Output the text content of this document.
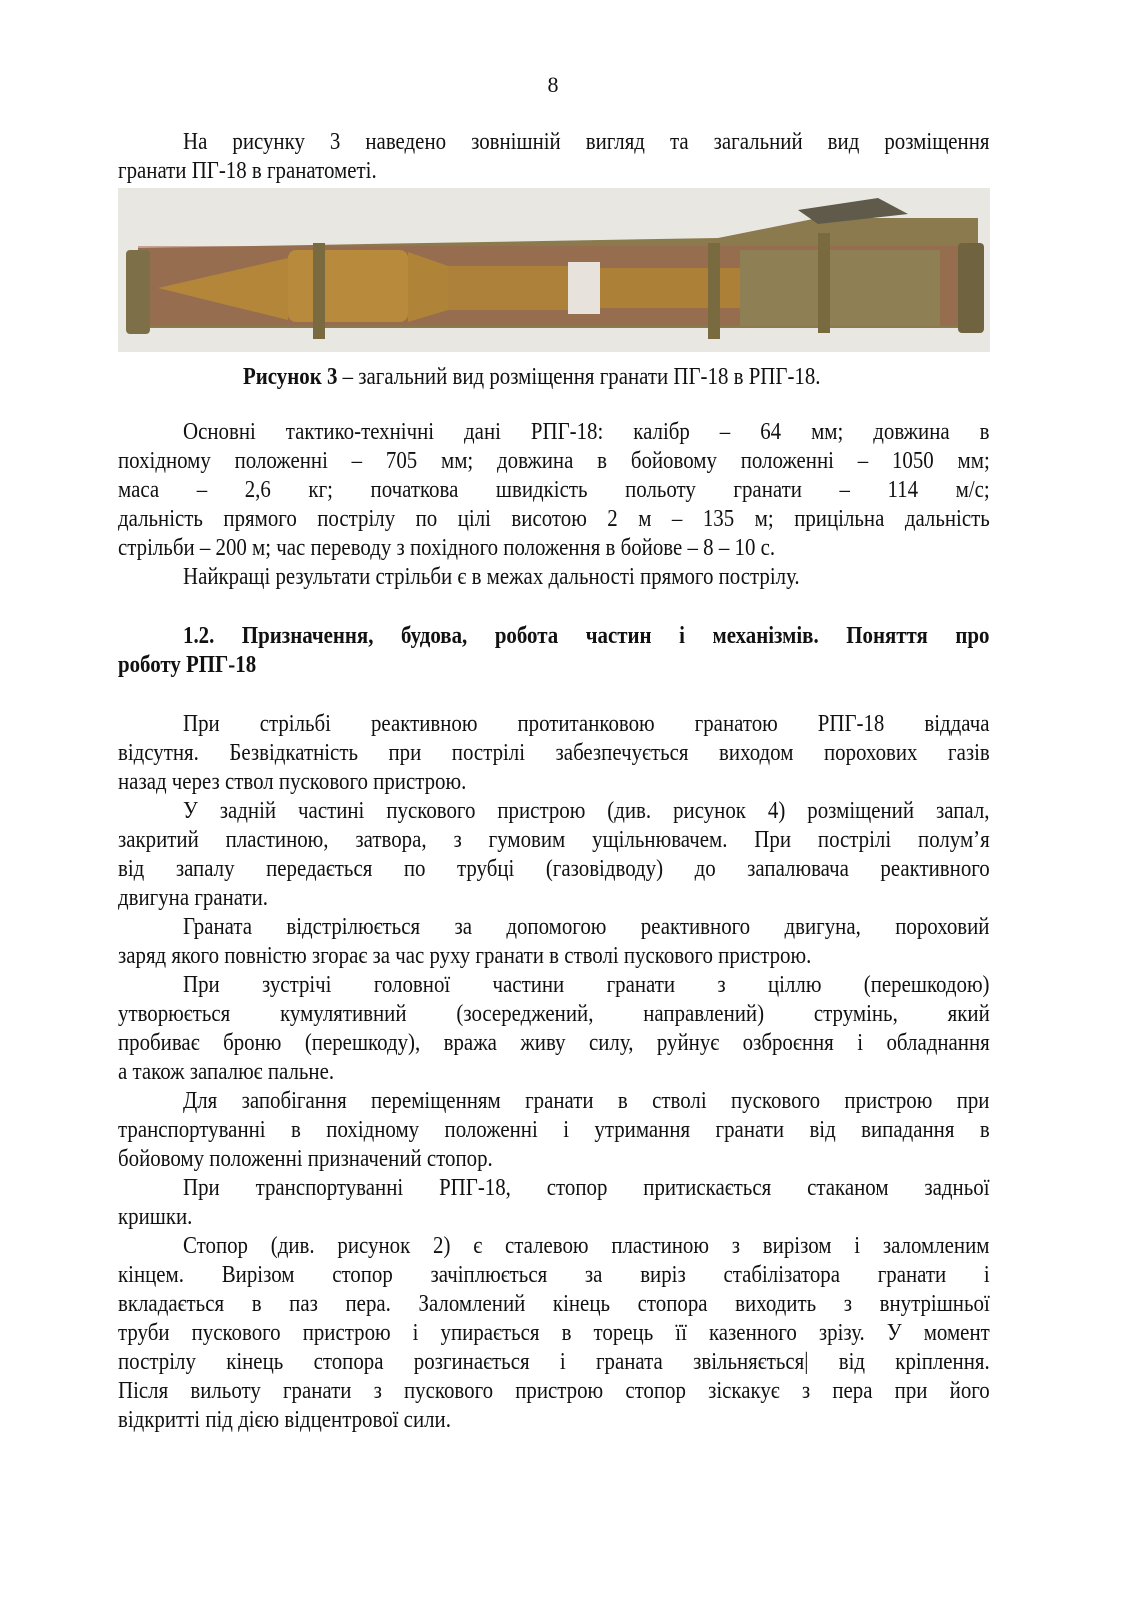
8
Рисунок 3 – загальний вид розміщення гранати ПГ-18 в РПГ-18.
На рисунку 3 наведено зовнішній вигляд та загальний вид розміщення
гранати ПГ-18 в гранатометі.
Основні тактико-технічні дані РПГ-18: калібр – 64 мм; довжина в
похідному положенні – 705 мм; довжина в бойовому положенні – 1050 мм;
маса – 2,6 кг; початкова швидкість польоту гранати – 114 м/с;
дальність прямого пострілу по цілі висотою 2 м – 135 м; прицільна дальність
стрільби – 200 м; час переводу з похідного положення в бойове – 8 – 10 с.
Найкращі результати стрільби є в межах дальності прямого пострілу.
1.2. Призначення, будова, робота частин і механізмів. Поняття про
роботу РПГ-18
При стрільбі реактивною протитанковою гранатою РПГ-18 віддача
відсутня. Безвідкатність при пострілі забезпечується виходом порохових газів
назад через ствол пускового пристрою.
У задній частині пускового пристрою (див. рисунок 4) розміщений запал,
закритий пластиною, затвора, з гумовим ущільнювачем. При пострілі полум’я
від запалу передається по трубці (газовідводу) до запалювача реактивного
двигуна гранати.
Граната відстрілюється за допомогою реактивного двигуна, пороховий
заряд якого повністю згорає за час руху гранати в стволі пускового пристрою.
При зустрічі головної частини гранати з ціллю (перешкодою)
утворюється кумулятивний (зосереджений, направлений) струмінь, який
пробиває броню (перешкоду), вража живу силу, руйнує озброєння і обладнання
а також запалює пальне.
Для запобігання переміщенням гранати в стволі пускового пристрою при
транспортуванні в похідному положенні і утримання гранати від випадання в
бойовому положенні призначений стопор.
При транспортуванні РПГ-18, стопор притискається стаканом задньої
кришки.
Стопор (див. рисунок 2) є сталевою пластиною з вирізом і заломленим
кінцем. Вирізом стопор зачіплюється за виріз стабілізатора гранати і
вкладається в паз пера. Заломлений кінець стопора виходить з внутрішньої
труби пускового пристрою і упирається в торець її казенного зрізу. У момент
пострілу кінець стопора розгинається і граната звільняється| від кріплення.
Після вильоту гранати з пускового пристрою стопор зіскакує з пера при його
відкритті під дією відцентрової сили.
